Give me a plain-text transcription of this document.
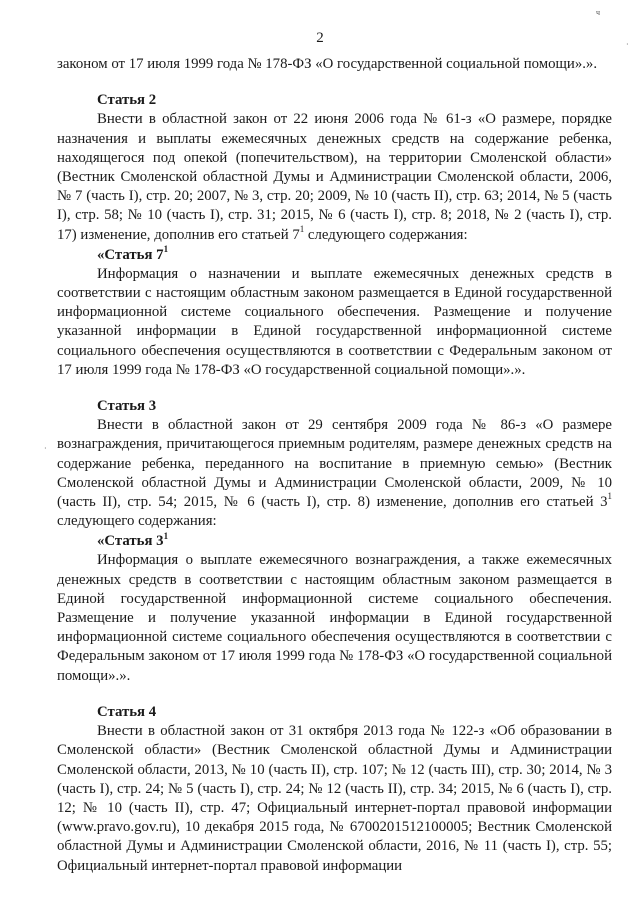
ч
·
·
2

законом от 17 июля 1999 года № 178-ФЗ «О государственной социальной помощи».».

Статья 2

Внести в областной закон от 22 июня 2006 года № 61-з «О размере, порядке назначения и выплаты ежемесячных денежных средств на содержание ребенка, находящегося под опекой (попечительством), на территории Смоленской области» (Вестник Смоленской областной Думы и Администрации Смоленской области, 2006, № 7 (часть I), стр. 20; 2007, № 3, стр. 20; 2009, № 10 (часть II), стр. 63; 2014, № 5 (часть I), стр. 58; № 10 (часть I), стр. 31; 2015, № 6 (часть I), стр. 8; 2018, № 2 (часть I), стр. 17) изменение, дополнив его статьей $7^1$ следующего содержания:

«Статья $7^1$

Информация о назначении и выплате ежемесячных денежных средств в соответствии с настоящим областным законом размещается в Единой государственной информационной системе социального обеспечения. Размещение и получение указанной информации в Единой государственной информационной системе социального обеспечения осуществляются в соответствии с Федеральным законом от 17 июля 1999 года № 178-ФЗ «О государственной социальной помощи».».

Статья 3

Внести в областной закон от 29 сентября 2009 года № 86-з «О размере вознаграждения, причитающегося приемным родителям, размере денежных средств на содержание ребенка, переданного на воспитание в приемную семью» (Вестник Смоленской областной Думы и Администрации Смоленской области, 2009, № 10 (часть II), стр. 54; 2015, № 6 (часть I), стр. 8) изменение, дополнив его статьей $3^1$ следующего содержания:

«Статья $3^1$

Информация о выплате ежемесячного вознаграждения, а также ежемесячных денежных средств в соответствии с настоящим областным законом размещается в Единой государственной информационной системе социального обеспечения. Размещение и получение указанной информации в Единой государственной информационной системе социального обеспечения осуществляются в соответствии с Федеральным законом от 17 июля 1999 года № 178-ФЗ «О государственной социальной помощи».».

Статья 4

Внести в областной закон от 31 октября 2013 года № 122-з «Об образовании в Смоленской области» (Вестник Смоленской областной Думы и Администрации Смоленской области, 2013, № 10 (часть II), стр. 107; № 12 (часть III), стр. 30; 2014, № 3 (часть I), стр. 24; № 5 (часть I), стр. 24; № 12 (часть II), стр. 34; 2015, № 6 (часть I), стр. 12; № 10 (часть II), стр. 47; Официальный интернет-портал правовой информации (www.pravo.gov.ru), 10 декабря 2015 года, № 6700201512100005; Вестник Смоленской областной Думы и Администрации Смоленской области, 2016, № 11 (часть I), стр. 55; Официальный интернет-портал правовой информации
